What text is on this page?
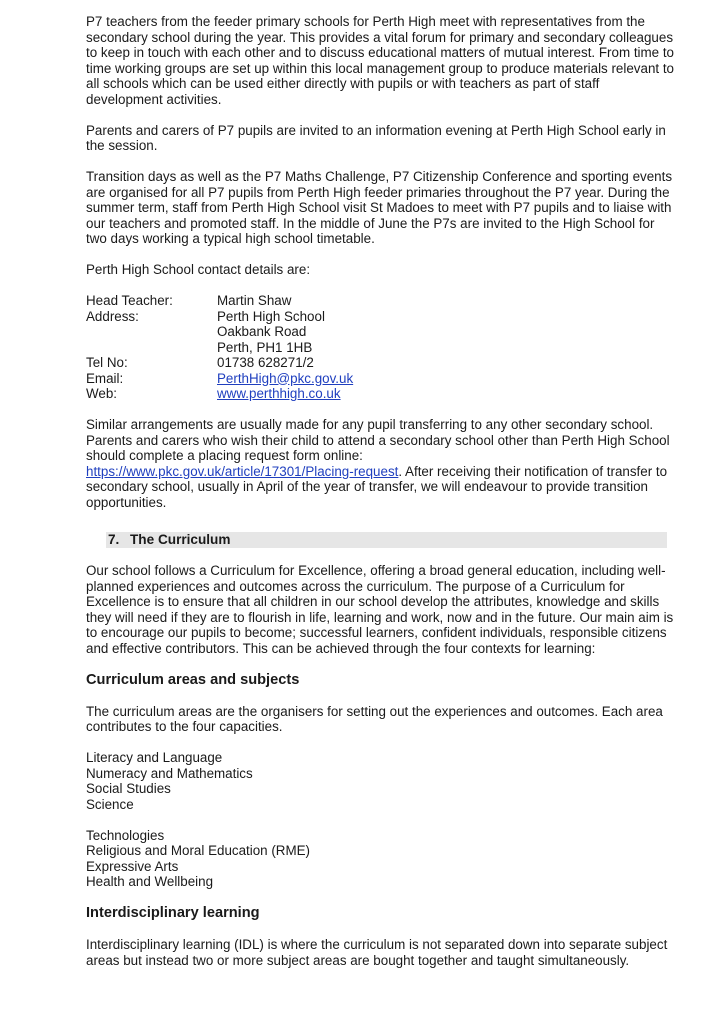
P7 teachers from the feeder primary schools for Perth High meet with representatives from the secondary school during the year. This provides a vital forum for primary and secondary colleagues to keep in touch with each other and to discuss educational matters of mutual interest. From time to time working groups are set up within this local management group to produce materials relevant to all schools which can be used either directly with pupils or with teachers as part of staff development activities.

Parents and carers of P7 pupils are invited to an information evening at Perth High School early in the session.

Transition days as well as the P7 Maths Challenge, P7 Citizenship Conference and sporting events are organised for all P7 pupils from Perth High feeder primaries throughout the P7 year. During the summer term, staff from Perth High School visit St Madoes to meet with P7 pupils and to liaise with our teachers and promoted staff. In the middle of June the P7s are invited to the High School for two days working a typical high school timetable.

Perth High School contact details are:

Head Teacher:	Martin Shaw
Address:	Perth High School
Oakbank Road
Perth, PH1 1HB
Tel No:	01738 628271/2
Email:	PerthHigh@pkc.gov.uk
Web:	www.perthhigh.co.uk

Similar arrangements are usually made for any pupil transferring to any other secondary school. Parents and carers who wish their child to attend a secondary school other than Perth High School should complete a placing request form online:
https://www.pkc.gov.uk/article/17301/Placing-request. After receiving their notification of transfer to secondary school, usually in April of the year of transfer, we will endeavour to provide transition opportunities.

7. The Curriculum

Our school follows a Curriculum for Excellence, offering a broad general education, including well-planned experiences and outcomes across the curriculum. The purpose of a Curriculum for Excellence is to ensure that all children in our school develop the attributes, knowledge and skills they will need if they are to flourish in life, learning and work, now and in the future. Our main aim is to encourage our pupils to become; successful learners, confident individuals, responsible citizens and effective contributors. This can be achieved through the four contexts for learning:

Curriculum areas and subjects

The curriculum areas are the organisers for setting out the experiences and outcomes. Each area contributes to the four capacities.

Literacy and Language
Numeracy and Mathematics
Social Studies
Science
Technologies
Religious and Moral Education (RME)
Expressive Arts
Health and Wellbeing
Interdisciplinary learning

Interdisciplinary learning (IDL) is where the curriculum is not separated down into separate subject areas but instead two or more subject areas are bought together and taught simultaneously.
